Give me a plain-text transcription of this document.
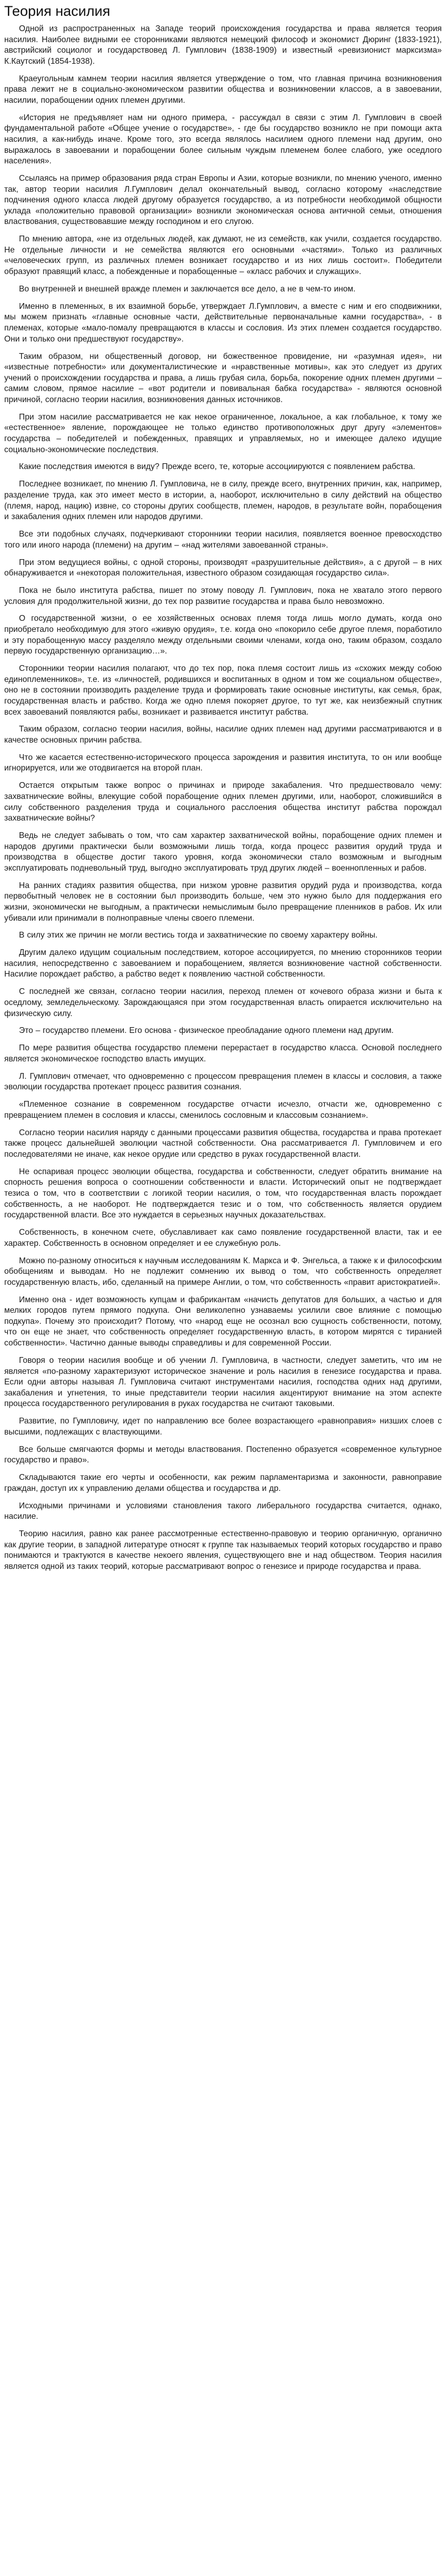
Теория насилия

Одной из распространенных на Западе теорий происхождения государства и права является теория насилия. Наиболее видными ее сторонниками являются немецкий философ и экономист Дюринг (1833-1921), австрийский социолог и государствовед Л. Гумплович (1838-1909) и известный «ревизионист марксизма» К.Каутский (1854-1938).

Краеугольным камнем теории насилия является утверждение о том, что главная причина возникновения права лежит не в социально-экономическом развитии общества и возникновении классов, а в завоевании, насилии, порабощении одних племен другими.

«История не предъявляет нам ни одного примера, - рассуждал в связи с этим Л. Гумплович в своей фундаментальной работе «Общее учение о государстве», - где бы государство возникло не при помощи акта насилия, а как-нибудь иначе. Кроме того, это всегда являлось насилием одного племени над другим, оно выражалось в завоевании и порабощении более сильным чуждым племенем более слабого, уже оседлого населения».

Ссылаясь на пример образования ряда стран Европы и Азии, которые возникли, по мнению ученого, именно так, автор теории насилия Л.Гумплович делал окончательный вывод, согласно которому «наследствие подчинения одного класса людей другому образуется государство, а из потребности необходимой общности уклада «положительно правовой организации» возникли экономическая основа античной семьи, отношения властвования, существовавшие между господином и его слугою.

По мнению автора, «не из отдельных людей, как думают, не из семейств, как учили, создается государство. Не отдельные личности и не семейства являются его основными «частями». Только из различных «человеческих групп, из различных племен возникает государство и из них лишь состоит». Победители образуют правящий класс, а побежденные и порабощенные – «класс рабочих и служащих».

Во внутренней и внешней вражде племен и заключается все дело, а не в чем-то ином.

Именно в племенных, в их взаимной борьбе, утверждает Л.Гумплович, а вместе с ним и его сподвижники, мы можем признать «главные основные части, действительные первоначальные камни государства», - в племенах, которые «мало-помалу превращаются в классы и сословия. Из этих племен создается государство. Они и только они предшествуют государству».

Таким образом, ни общественный договор, ни божественное провидение, ни «разумная идея», ни «известные потребности» или документалистические и «нравственные мотивы», как это следует из других учений о происхождении государства и права, а лишь грубая сила, борьба, покорение одних племен другими – самим словом, прямое насилие – «вот родители и повивальная бабка государства» - являются основной причиной, согласно теории насилия, возникновения данных источников.

При этом насилие рассматривается не как некое ограниченное, локальное, а как глобальное, к тому же «естественное» явление, порождающее не только единство противоположных друг другу «элементов» государства – победителей и побежденных, правящих и управляемых, но и имеющее далеко идущие социально-экономические последствия.

Какие последствия имеются в виду? Прежде всего, те, которые ассоциируются с появлением рабства.

Последнее возникает, по мнению Л. Гумпловича, не в силу, прежде всего, внутренних причин, как, например, разделение труда, как это имеет место в истории, а, наоборот, исключительно в силу действий на общество (племя, народ, нацию) извне, со стороны других сообществ, племен, народов, в результате войн, порабощения и закабаления одних племен или народов другими.

Все эти подобных случаях, подчеркивают сторонники теории насилия, появляется военное превосходство того или иного народа (племени) на другим – «над жителями завоеванной страны».

При этом ведущиеся войны, с одной стороны, производят «разрушительные действия», а с другой – в них обнаруживается и «некоторая положительная, известного образом созидающая государство сила».

Пока не было института рабства, пишет по этому поводу Л. Гумплович, пока не хватало этого первого условия для продолжительной жизни, до тех пор развитие государства и права было невозможно.

О государственной жизни, о ее хозяйственных основах племя тогда лишь могло думать, когда оно приобретало необходимую для этого «живую орудия», т.е. когда оно «покорило себе другое племя, поработило и эту порабощенную массу разделяло между отдельными своими членами, когда оно, таким образом, создало первую государственную организацию…».

Сторонники теории насилия полагают, что до тех пор, пока племя состоит лишь из «схожих между собою единоплеменников», т.е. из «личностей, родившихся и воспитанных в одном и том же социальном обществе», оно не в состоянии производить разделение труда и формировать такие основные институты, как семья, брак, государственная власть и рабство. Когда же одно племя покоряет другое, то тут же, как неизбежный спутник всех завоеваний появляются рабы, возникает и развивается институт рабства.

Таким образом, согласно теории насилия, войны, насилие одних племен над другими рассматриваются и в качестве основных причин рабства.

Что же касается естественно-исторического процесса зарождения и развития института, то он или вообще игнорируется, или же отодвигается на второй план.

Остается открытым также вопрос о причинах и природе закабаления. Что предшествовало чему: захватнические войны, влекущие собой порабощение одних племен другими, или, наоборот, сложившийся в силу собственного разделения труда и социального расслоения общества институт рабства порождал захватнические войны?

Ведь не следует забывать о том, что сам характер захватнической войны, порабощение одних племен и народов другими практически были возможными лишь тогда, когда процесс развития орудий труда и производства в обществе достиг такого уровня, когда экономически стало возможным и выгодным эксплуатировать подневольный труд, выгодно эксплуатировать труд других людей – военнопленных и рабов.

На ранних стадиях развития общества, при низком уровне развития орудий руда и производства, когда первобытный человек не в состоянии был производить больше, чем это нужно было для поддержания его жизни, экономически не выгодным, а практически немыслимым было превращение пленников в рабов. Их или убивали или принимали в полноправные члены своего племени.

В силу этих же причин не могли вестись тогда и захватнические по своему характеру войны.

Другим далеко идущим социальным последствием, которое ассоциируется, по мнению сторонников теории насилия, непосредственно с завоеванием и порабощением, является возникновение частной собственности. Насилие порождает рабство, а рабство ведет к появлению частной собственности.

С последней же связан, согласно теории насилия, переход племен от кочевого образа жизни и быта к оседлому, земледельческому. Зарождающаяся при этом государственная власть опирается исключительно на физическую силу.

Это – государство племени. Его основа - физическое преобладание одного племени над другим.

По мере развития общества государство племени перерастает в государство класса. Основой последнего является экономическое господство власть имущих.

Л. Гумплович отмечает, что одновременно с процессом превращения племен в классы и сословия, а также эволюции государства протекает процесс развития сознания.

«Племенное сознание в современном государстве отчасти исчезло, отчасти же, одновременно с превращением племен в сословия и классы, сменилось сословным и классовым сознанием».

Согласно теории насилия наряду с данными процессами развития общества, государства и права протекает также процесс дальнейшей эволюции частной собственности. Она рассматривается Л. Гумпловичем и его последователями не иначе, как некое орудие или средство в руках государственной власти.

Не оспаривая процесс эволюции общества, государства и собственности, следует обратить внимание на спорность решения вопроса о соотношении собственности и власти. Исторический опыт не подтверждает тезиса о том, что в соответствии с логикой теории насилия, о том, что государственная власть порождает собственность, а не наоборот. Не подтверждается тезис и о том, что собственность является орудием государственной власти. Все это нуждается в серьезных научных доказательствах.

Собственность, в конечном счете, обуславливает как само появление государственной власти, так и ее характер. Собственность в основном определяет и ее служебную роль.

Можно по-разному относиться к научным исследованиям К. Маркса и Ф. Энгельса, а также к и философским обобщениям и выводам. Но не подлежит сомнению их вывод о том, что собственность определяет государственную власть, ибо, сделанный на примере Англии, о том, что собственность «правит аристократией».

Именно она - идет возможность купцам и фабрикантам «начисть депутатов для больших, а частью и для мелких городов путем прямого подкупа. Они великолепно узнаваемы усилили свое влияние с помощью подкупа». Почему это происходит? Потому, что «народ еще не осознал всю сущность собственности, потому, что он еще не знает, что собственность определяет государственную власть, в котором мирятся с тиранией собственности». Частично данные выводы справедливы и для современной России.

Говоря о теории насилия вообще и об учении Л. Гумпловича, в частности, следует заметить, что им не является «по-разному характеризуют историческое значение и роль насилия в генезисе государства и права. Если одни авторы называя Л. Гумпловича считают инструментами насилия, господства одних над другими, закабаления и угнетения, то иные представители теории насилия акцентируют внимание на этом аспекте процесса государственного регулирования в руках государства не считают таковыми.

Развитие, по Гумпловичу, идет по направлению все более возрастающего «равноправия» низших слоев с высшими, подлежащих с властвующими.

Все больше смягчаются формы и методы властвования. Постепенно образуется «современное культурное государство и право».

Складываются такие его черты и особенности, как режим парламентаризма и законности, равноправие граждан, доступ их к управлению делами общества и государства и др.

Исходными причинами и условиями становления такого либерального государства считается, однако, насилие.

Теорию насилия, равно как ранее рассмотренные естественно-правовую и теорию органичную, органично как другие теории, в западной литературе относят к группе так называемых теорий которых государство и право понимаются и трактуются в качестве некоего явления, существующего вне и над обществом. Теория насилия является одной из таких теорий, которые рассматривают вопрос о генезисе и природе государства и права.
